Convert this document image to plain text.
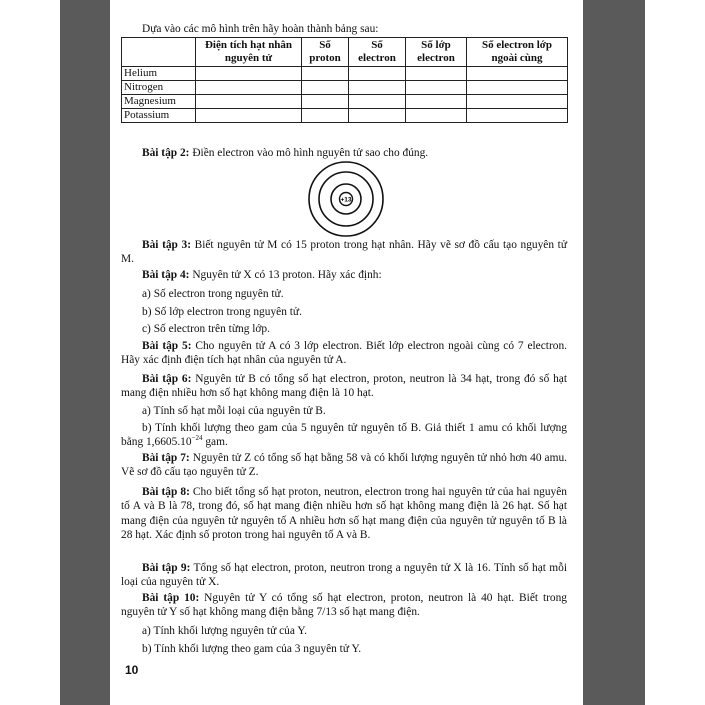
Dựa vào các mô hình trên hãy hoàn thành bảng sau:
	Điện tích hạt nhân nguyên tử	Số proton	Số electron	Số lớp electron	Số electron lớp ngoài cùng
Helium					
Nitrogen					
Magnesium					
Potassium					
Bài tập 2: Điền electron vào mô hình nguyên tử sao cho đúng.
+13
Bài tập 3: Biết nguyên tử M có 15 proton trong hạt nhân. Hãy vẽ sơ đồ cấu tạo nguyên tử M.
Bài tập 4: Nguyên tử X có 13 proton. Hãy xác định:
a) Số electron trong nguyên tử.
b) Số lớp electron trong nguyên tử.
c) Số electron trên từng lớp.
Bài tập 5: Cho nguyên tử A có 3 lớp electron. Biết lớp electron ngoài cùng có 7 electron. Hãy xác định điện tích hạt nhân của nguyên tử A.
Bài tập 6: Nguyên tử B có tổng số hạt electron, proton, neutron là 34 hạt, trong đó số hạt mang điện nhiều hơn số hạt không mang điện là 10 hạt.
a) Tính số hạt mỗi loại của nguyên tử B.
b) Tính khối lượng theo gam của 5 nguyên tử nguyên tố B. Giả thiết 1 amu có khối lượng bằng $1,6605.10^{-24}$ gam.
Bài tập 7: Nguyên tử Z có tổng số hạt bằng 58 và có khối lượng nguyên tử nhỏ hơn 40 amu. Vẽ sơ đồ cấu tạo nguyên tử Z.
Bài tập 8: Cho biết tổng số hạt proton, neutron, electron trong hai nguyên tử của hai nguyên tố A và B là 78, trong đó, số hạt mang điện nhiều hơn số hạt không mang điện là 26 hạt. Số hạt mang điện của nguyên tử nguyên tố A nhiều hơn số hạt mang điện của nguyên tử nguyên tố B là 28 hạt. Xác định số proton trong hai nguyên tố A và B.
Bài tập 9: Tổng số hạt electron, proton, neutron trong a nguyên tử X là 16. Tính số hạt mỗi loại của nguyên tử X.
Bài tập 10: Nguyên tử Y có tổng số hạt electron, proton, neutron là 40 hạt. Biết trong nguyên tử Y số hạt không mang điện bằng 7/13 số hạt mang điện.
a) Tính khối lượng nguyên tử của Y.
b) Tính khối lượng theo gam của 3 nguyên tử Y.
10
